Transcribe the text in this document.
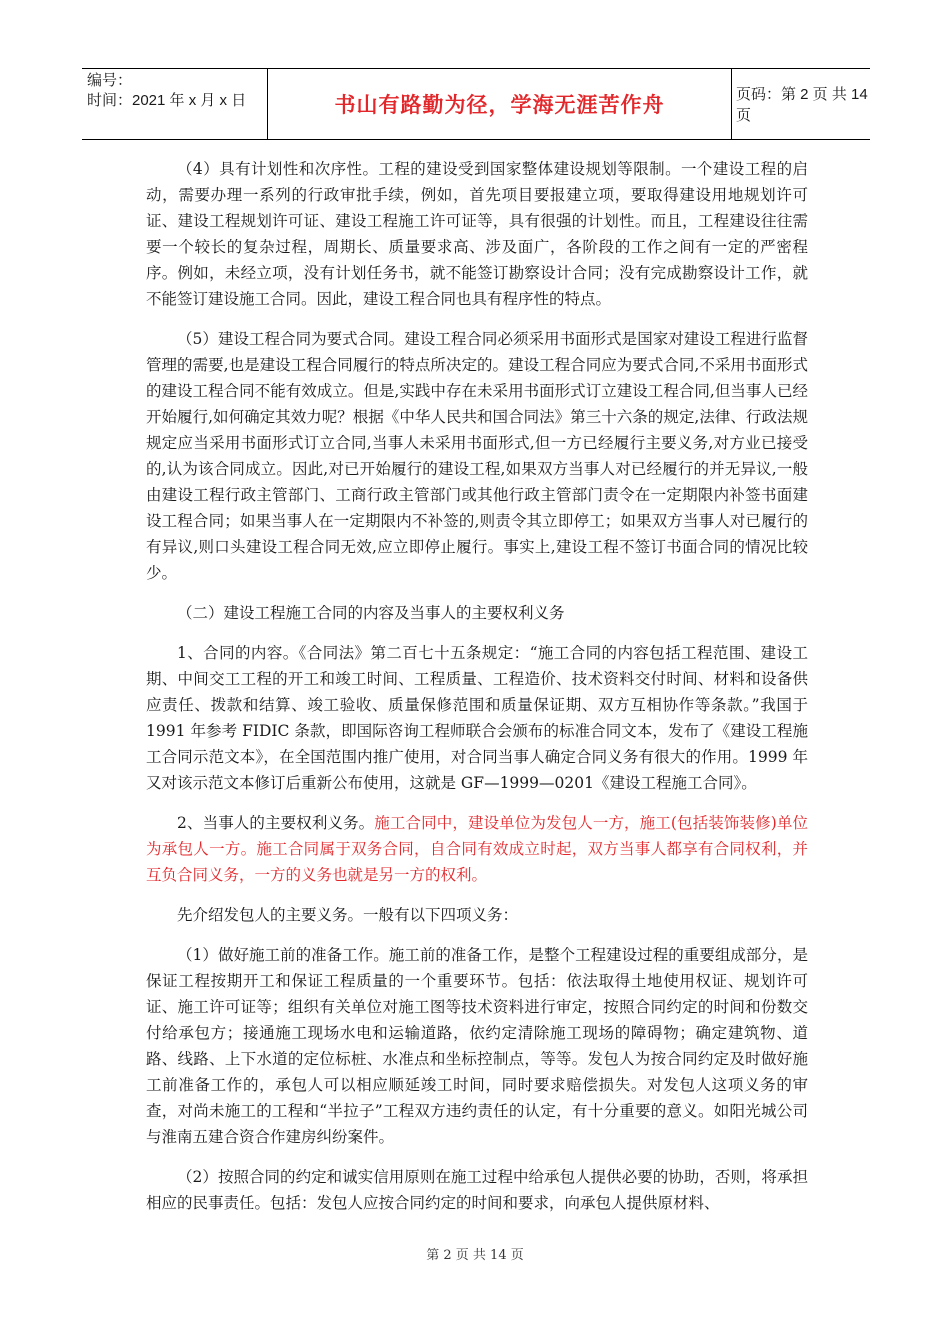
编号：
时间：2021 年 x 月 x 日	书山有路勤为径，学海无涯苦作舟	页码：第 2 页 共 14 页

（4）具有计划性和次序性。工程的建设受到国家整体建设规划等限制。一个建设工程的启动，需要办理一系列的行政审批手续，例如，首先项目要报建立项，要取得建设用地规划许可证、建设工程规划许可证、建设工程施工许可证等，具有很强的计划性。而且，工程建设往往需要一个较长的复杂过程，周期长、质量要求高、涉及面广，各阶段的工作之间有一定的严密程序。例如，未经立项，没有计划任务书，就不能签订勘察设计合同；没有完成勘察设计工作，就不能签订建设施工合同。因此，建设工程合同也具有程序性的特点。

（5）建设工程合同为要式合同。建设工程合同必须采用书面形式是国家对建设工程进行监督管理的需要,也是建设工程合同履行的特点所决定的。建设工程合同应为要式合同,不采用书面形式的建设工程合同不能有效成立。但是,实践中存在未采用书面形式订立建设工程合同,但当事人已经开始履行,如何确定其效力呢？根据《中华人民共和国合同法》第三十六条的规定,法律、行政法规规定应当采用书面形式订立合同,当事人未采用书面形式,但一方已经履行主要义务,对方业已接受的,认为该合同成立。因此,对已开始履行的建设工程,如果双方当事人对已经履行的并无异议,一般由建设工程行政主管部门、工商行政主管部门或其他行政主管部门责令在一定期限内补签书面建设工程合同；如果当事人在一定期限内不补签的,则责令其立即停工；如果双方当事人对已履行的有异议,则口头建设工程合同无效,应立即停止履行。事实上,建设工程不签订书面合同的情况比较少。

（二）建设工程施工合同的内容及当事人的主要权利义务

1、合同的内容。《合同法》第二百七十五条规定：“施工合同的内容包括工程范围、建设工期、中间交工工程的开工和竣工时间、工程质量、工程造价、技术资料交付时间、材料和设备供应责任、拨款和结算、竣工验收、质量保修范围和质量保证期、双方互相协作等条款。”我国于 1991 年参考 FIDIC 条款，即国际咨询工程师联合会颁布的标准合同文本，发布了《建设工程施工合同示范文本》，在全国范围内推广使用，对合同当事人确定合同义务有很大的作用。1999 年又对该示范文本修订后重新公布使用，这就是 GF—1999—0201《建设工程施工合同》。

2、当事人的主要权利义务。施工合同中，建设单位为发包人一方，施工(包括装饰装修)单位为承包人一方。施工合同属于双务合同，自合同有效成立时起，双方当事人都享有合同权利，并互负合同义务，一方的义务也就是另一方的权利。

先介绍发包人的主要义务。一般有以下四项义务：

（1）做好施工前的准备工作。施工前的准备工作，是整个工程建设过程的重要组成部分，是保证工程按期开工和保证工程质量的一个重要环节。包括：依法取得土地使用权证、规划许可证、施工许可证等；组织有关单位对施工图等技术资料进行审定，按照合同约定的时间和份数交付给承包方；接通施工现场水电和运输道路，依约定清除施工现场的障碍物；确定建筑物、道路、线路、上下水道的定位标桩、水准点和坐标控制点，等等。发包人为按合同约定及时做好施工前准备工作的，承包人可以相应顺延竣工时间，同时要求赔偿损失。对发包人这项义务的审查，对尚未施工的工程和“半拉子”工程双方违约责任的认定，有十分重要的意义。如阳光城公司与淮南五建合资合作建房纠纷案件。

（2）按照合同的约定和诚实信用原则在施工过程中给承包人提供必要的协助，否则，将承担相应的民事责任。包括：发包人应按合同约定的时间和要求，向承包人提供原材料、

第 2 页 共 14 页
